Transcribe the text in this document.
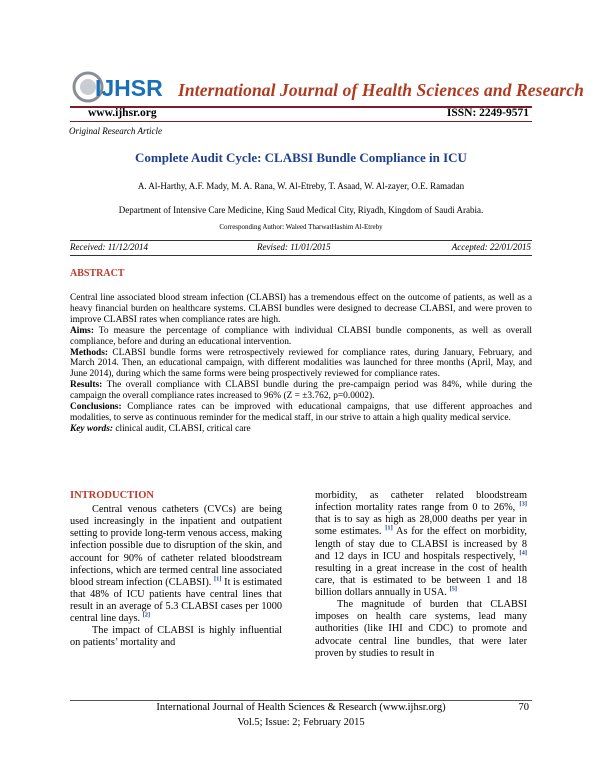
IJHSR International Journal of Health Sciences and Research
www.ijhsr.org	ISSN: 2249-9571
Original Research Article
Complete Audit Cycle: CLABSI Bundle Compliance in ICU
A. Al-Harthy, A.F. Mady, M. A. Rana, W. Al-Etreby, T. Asaad, W. Al-zayer, O.E. Ramadan
Department of Intensive Care Medicine, King Saud Medical City, Riyadh, Kingdom of Saudi Arabia.
Corresponding Author: Waleed TharwatHashim Al-Etreby
Received: 11/12/2014	Revised: 11/01/2015	Accepted: 22/01/2015
ABSTRACT

Central line associated blood stream infection (CLABSI) has a tremendous effect on the outcome of patients, as well as a heavy financial burden on healthcare systems. CLABSI bundles were designed to decrease CLABSI, and were proven to improve CLABSI rates when compliance rates are high.

Aims: To measure the percentage of compliance with individual CLABSI bundle components, as well as overall compliance, before and during an educational intervention.

Methods: CLABSI bundle forms were retrospectively reviewed for compliance rates, during January, February, and March 2014. Then, an educational campaign, with different modalities was launched for three months (April, May, and June 2014), during which the same forms were being prospectively reviewed for compliance rates.

Results: The overall compliance with CLABSI bundle during the pre-campaign period was 84%, while during the campaign the overall compliance rates increased to 96% (Z = ±3.762, p=0.0002).

Conclusions: Compliance rates can be improved with educational campaigns, that use different approaches and modalities, to serve as continuous reminder for the medical staff, in our strive to attain a high quality medical service.

Key words: clinical audit, CLABSI, critical care

INTRODUCTION

Central venous catheters (CVCs) are being used increasingly in the inpatient and outpatient setting to provide long-term venous access, making infection possible due to disruption of the skin, and account for 90% of catheter related bloodstream infections, which are termed central line associated blood stream infection (CLABSI). [1] It is estimated that 48% of ICU patients have central lines that result in an average of 5.3 CLABSI cases per 1000 central line days. [2]

The impact of CLABSI is highly influential on patients’ mortality and

morbidity, as catheter related bloodstream infection mortality rates range from 0 to 26%, [3] that is to say as high as 28,000 deaths per year in some estimates. [1] As for the effect on morbidity, length of stay due to CLABSI is increased by 8 and 12 days in ICU and hospitals respectively, [4] resulting in a great increase in the cost of health care, that is estimated to be between 1 and 18 billion dollars annually in USA. [5]

The magnitude of burden that CLABSI imposes on health care systems, lead many authorities (like IHI and CDC) to promote and advocate central line bundles, that were later proven by studies to result in

International Journal of Health Sciences & Research (www.ijhsr.org)
Vol.5; Issue: 2; February 2015
70
